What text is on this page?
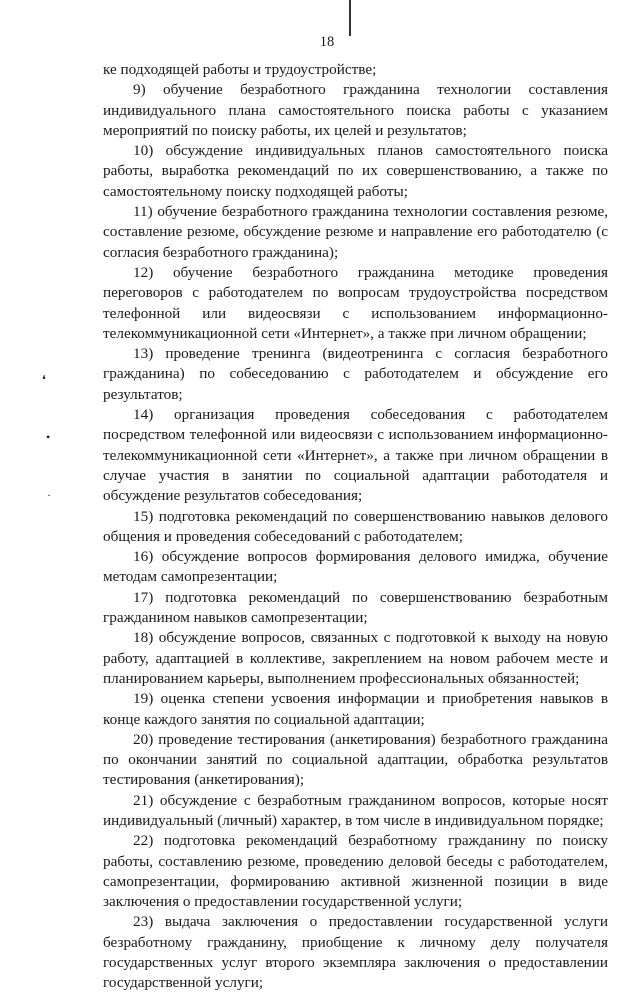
18

ке подходящей работы и трудоустройстве;

9) обучение безработного гражданина технологии составления индивидуального плана самостоятельного поиска работы с указанием мероприятий по поиску работы, их целей и результатов;

10) обсуждение индивидуальных планов самостоятельного поиска работы, выработка рекомендаций по их совершенствованию, а также по самостоятельному поиску подходящей работы;

11) обучение безработного гражданина технологии составления резюме, составление резюме, обсуждение резюме и направление его работодателю (с согласия безработного гражданина);

12) обучение безработного гражданина методике проведения переговоров с работодателем по вопросам трудоустройства посредством телефонной или видеосвязи с использованием информационно-телекоммуникационной сети «Интернет», а также при личном обращении;

13) проведение тренинга (видеотренинга с согласия безработного гражданина) по собеседованию с работодателем и обсуждение его результатов;

14) организация проведения собеседования с работодателем посредством телефонной или видеосвязи с использованием информационно-телекоммуникационной сети «Интернет», а также при личном обращении в случае участия в занятии по социальной адаптации работодателя и обсуждение результатов собеседования;

15) подготовка рекомендаций по совершенствованию навыков делового общения и проведения собеседований с работодателем;

16) обсуждение вопросов формирования делового имиджа, обучение методам самопрезентации;

17) подготовка рекомендаций по совершенствованию безработным гражданином навыков самопрезентации;

18) обсуждение вопросов, связанных с подготовкой к выходу на новую работу, адаптацией в коллективе, закреплением на новом рабочем месте и планированием карьеры, выполнением профессиональных обязанностей;

19) оценка степени усвоения информации и приобретения навыков в конце каждого занятия по социальной адаптации;

20) проведение тестирования (анкетирования) безработного гражданина по окончании занятий по социальной адаптации, обработка результатов тестирования (анкетирования);

21) обсуждение с безработным гражданином вопросов, которые носят индивидуальный (личный) характер, в том числе в индивидуальном порядке;

22) подготовка рекомендаций безработному гражданину по поиску работы, составлению резюме, проведению деловой беседы с работодателем, самопрезентации, формированию активной жизненной позиции в виде заключения о предоставлении государственной услуги;

23) выдача заключения о предоставлении государственной услуги безработному гражданину, приобщение к личному делу получателя государственных услуг второго экземпляра заключения о предоставлении государственной услуги;

❛
•
·
